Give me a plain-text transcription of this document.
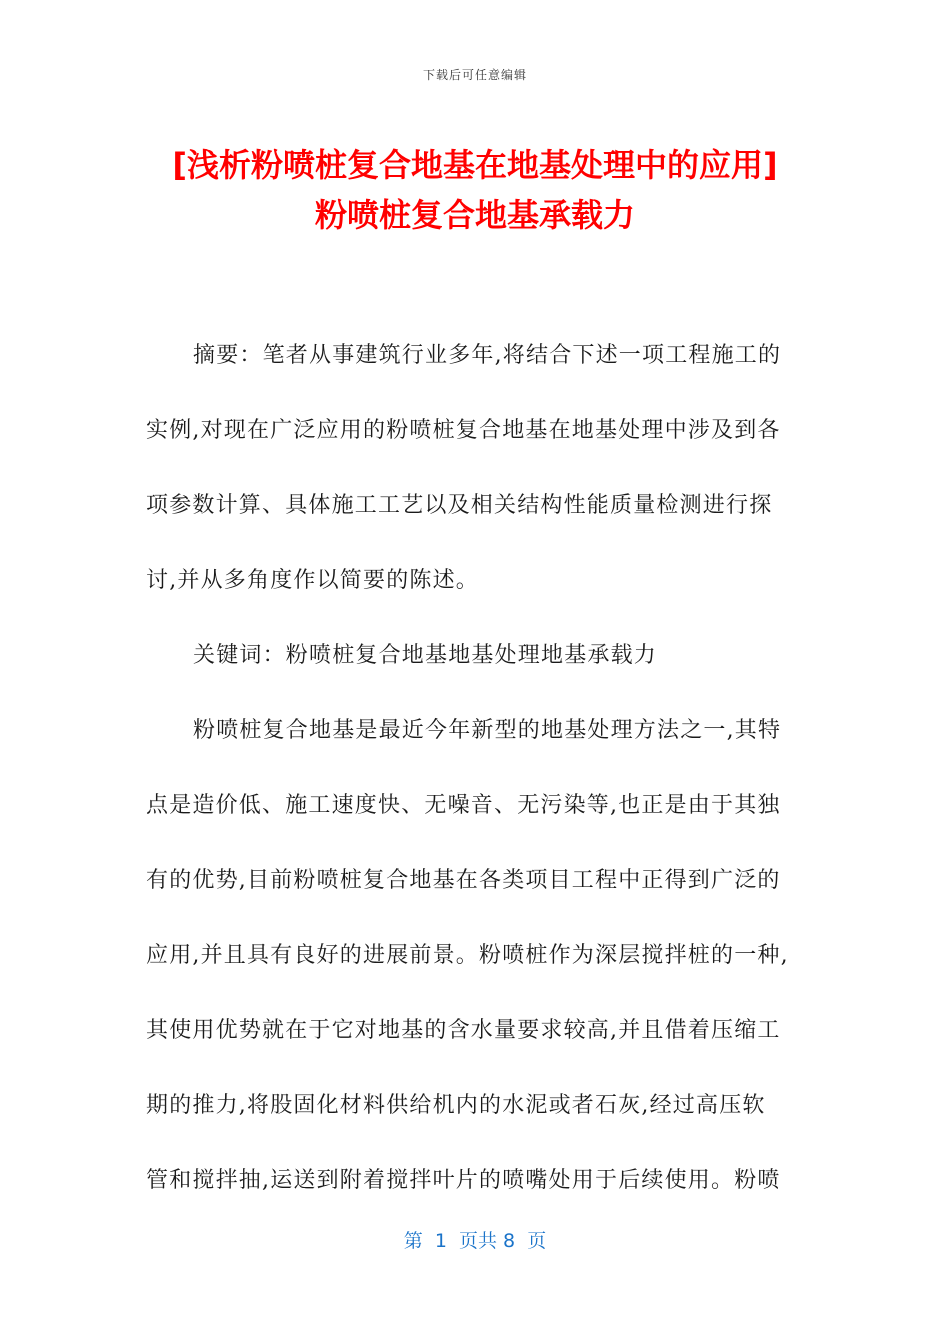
下载后可任意编辑
[浅析粉喷桩复合地基在地基处理中的应用]
粉喷桩复合地基承载力
摘要：笔者从事建筑行业多年,将结合下述一项工程施工的
实例,对现在广泛应用的粉喷桩复合地基在地基处理中涉及到各
项参数计算、具体施工工艺以及相关结构性能质量检测进行探
讨,并从多角度作以简要的陈述。
关键词：粉喷桩复合地基地基处理地基承载力
粉喷桩复合地基是最近今年新型的地基处理方法之一,其特
点是造价低、施工速度快、无噪音、无污染等,也正是由于其独
有的优势,目前粉喷桩复合地基在各类项目工程中正得到广泛的
应用,并且具有良好的进展前景。粉喷桩作为深层搅拌桩的一种,
其使用优势就在于它对地基的含水量要求较高,并且借着压缩工
期的推力,将股固化材料供给机内的水泥或者石灰,经过高压软
管和搅拌抽,运送到附着搅拌叶片的喷嘴处用于后续使用。粉喷
第  1  页共 8  页
